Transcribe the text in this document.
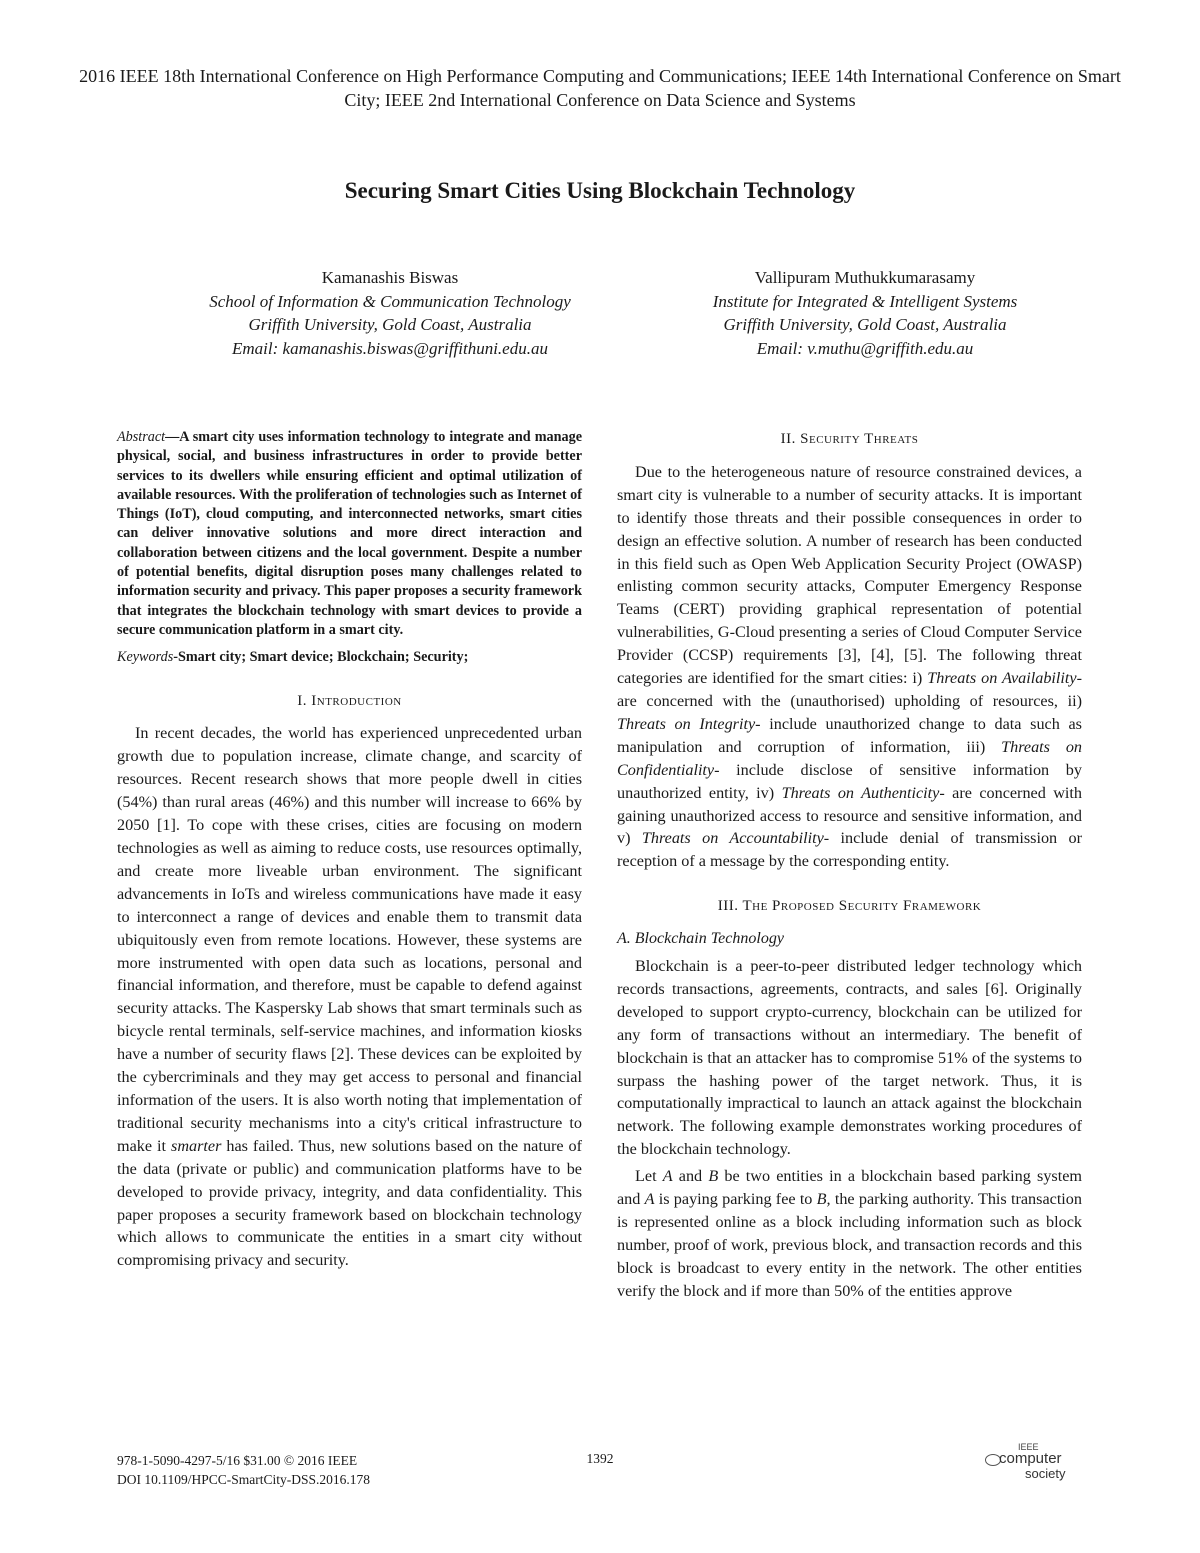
2016 IEEE 18th International Conference on High Performance Computing and Communications; IEEE 14th International Conference on Smart City; IEEE 2nd International Conference on Data Science and Systems
Securing Smart Cities Using Blockchain Technology
Kamanashis Biswas
School of Information & Communication Technology
Griffith University, Gold Coast, Australia
Email: kamanashis.biswas@griffithuni.edu.au
Vallipuram Muthukkumarasamy
Institute for Integrated & Intelligent Systems
Griffith University, Gold Coast, Australia
Email: v.muthu@griffith.edu.au

Abstract—A smart city uses information technology to integrate and manage physical, social, and business infrastructures in order to provide better services to its dwellers while ensuring efficient and optimal utilization of available resources. With the proliferation of technologies such as Internet of Things (IoT), cloud computing, and interconnected networks, smart cities can deliver innovative solutions and more direct interaction and collaboration between citizens and the local government. Despite a number of potential benefits, digital disruption poses many challenges related to information security and privacy. This paper proposes a security framework that integrates the blockchain technology with smart devices to provide a secure communication platform in a smart city.

Keywords-Smart city; Smart device; Blockchain; Security;

I. Introduction

In recent decades, the world has experienced unprecedented urban growth due to population increase, climate change, and scarcity of resources. Recent research shows that more people dwell in cities (54%) than rural areas (46%) and this number will increase to 66% by 2050 [1]. To cope with these crises, cities are focusing on modern technologies as well as aiming to reduce costs, use resources optimally, and create more liveable urban environment. The significant advancements in IoTs and wireless communications have made it easy to interconnect a range of devices and enable them to transmit data ubiquitously even from remote locations. However, these systems are more instrumented with open data such as locations, personal and financial information, and therefore, must be capable to defend against security attacks. The Kaspersky Lab shows that smart terminals such as bicycle rental terminals, self-service machines, and information kiosks have a number of security flaws [2]. These devices can be exploited by the cybercriminals and they may get access to personal and financial information of the users. It is also worth noting that implementation of traditional security mechanisms into a city's critical infrastructure to make it smarter has failed. Thus, new solutions based on the nature of the data (private or public) and communication platforms have to be developed to provide privacy, integrity, and data confidentiality. This paper proposes a security framework based on blockchain technology which allows to communicate the entities in a smart city without compromising privacy and security.

II. Security Threats

Due to the heterogeneous nature of resource constrained devices, a smart city is vulnerable to a number of security attacks. It is important to identify those threats and their possible consequences in order to design an effective solution. A number of research has been conducted in this field such as Open Web Application Security Project (OWASP) enlisting common security attacks, Computer Emergency Response Teams (CERT) providing graphical representation of potential vulnerabilities, G-Cloud presenting a series of Cloud Computer Service Provider (CCSP) requirements [3], [4], [5]. The following threat categories are identified for the smart cities: i) Threats on Availability- are concerned with the (unauthorised) upholding of resources, ii) Threats on Integrity- include unauthorized change to data such as manipulation and corruption of information, iii) Threats on Confidentiality- include disclose of sensitive information by unauthorized entity, iv) Threats on Authenticity- are concerned with gaining unauthorized access to resource and sensitive information, and v) Threats on Accountability- include denial of transmission or reception of a message by the corresponding entity.

III. The Proposed Security Framework
A. Blockchain Technology

Blockchain is a peer-to-peer distributed ledger technology which records transactions, agreements, contracts, and sales [6]. Originally developed to support crypto-currency, blockchain can be utilized for any form of transactions without an intermediary. The benefit of blockchain is that an attacker has to compromise 51% of the systems to surpass the hashing power of the target network. Thus, it is computationally impractical to launch an attack against the blockchain network. The following example demonstrates working procedures of the blockchain technology.

Let A and B be two entities in a blockchain based parking system and A is paying parking fee to B, the parking authority. This transaction is represented online as a block including information such as block number, proof of work, previous block, and transaction records and this block is broadcast to every entity in the network. The other entities verify the block and if more than 50% of the entities approve

978-1-5090-4297-5/16 $31.00 © 2016 IEEE
DOI 10.1109/HPCC-SmartCity-DSS.2016.178
1392
IEEE
computer
society
